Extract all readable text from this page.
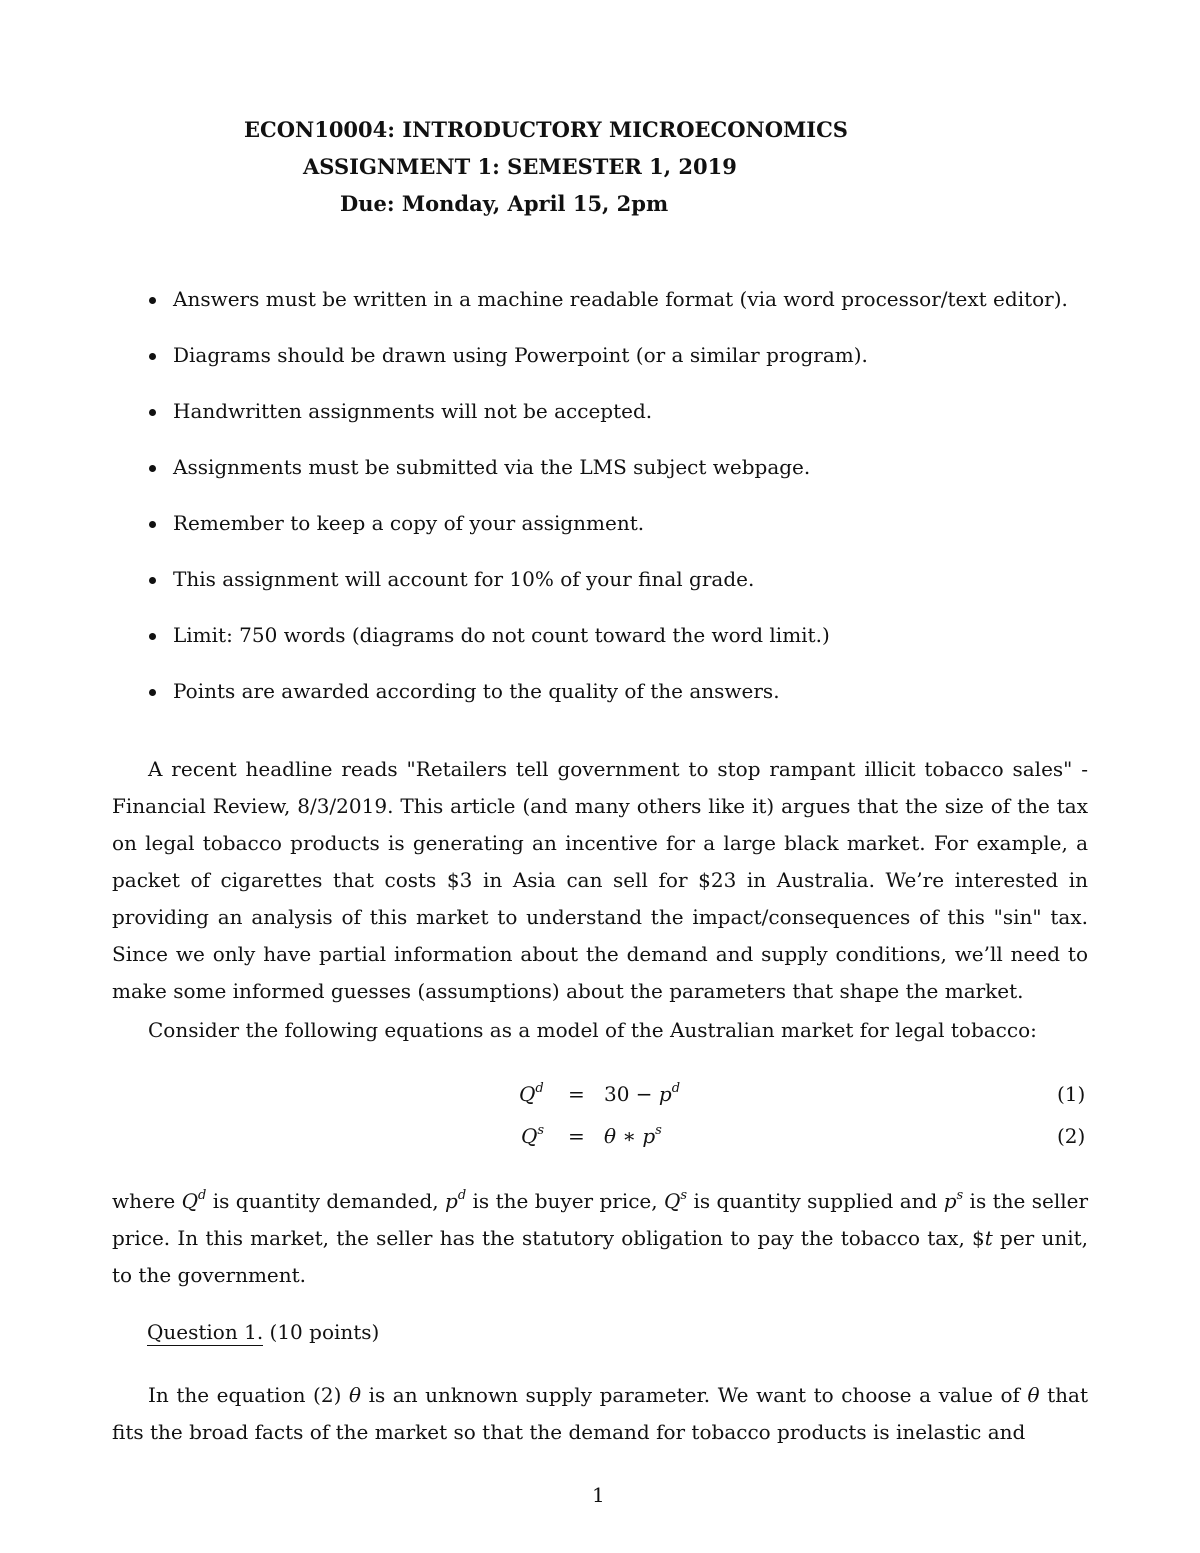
ECON10004: INTRODUCTORY MICROECONOMICS
ASSIGNMENT 1: SEMESTER 1, 2019
Due: Monday, April 15, 2pm
Answers must be written in a machine readable format (via word processor/text editor).
Diagrams should be drawn using Powerpoint (or a similar program).
Handwritten assignments will not be accepted.
Assignments must be submitted via the LMS subject webpage.
Remember to keep a copy of your assignment.
This assignment will account for 10% of your final grade.
Limit: 750 words (diagrams do not count toward the word limit.)
Points are awarded according to the quality of the answers.

A recent headline reads "Retailers tell government to stop rampant illicit tobacco sales" - Financial Review, 8/3/2019. This article (and many others like it) argues that the size of the tax on legal tobacco products is generating an incentive for a large black market. For example, a packet of cigarettes that costs $3 in Asia can sell for $23 in Australia. We’re interested in providing an analysis of this market to understand the impact/consequences of this "sin" tax. Since we only have partial information about the demand and supply conditions, we’ll need to make some informed guesses (assumptions) about the parameters that shape the market.

Consider the following equations as a model of the Australian market for legal tobacco:

$Q^d = 30 - p^d$	(1)
$Q^s = \theta$ ∗ $p^s$	(2)

where $Q^d$ is quantity demanded, $p^d$ is the buyer price, $Q^s$ is quantity supplied and $p^s$ is the seller price. In this market, the seller has the statutory obligation to pay the tobacco tax, $t per unit, to the government.

Question 1. (10 points)

In the equation (2) θ is an unknown supply parameter. We want to choose a value of θ that fits the broad facts of the market so that the demand for tobacco products is inelastic and

1
